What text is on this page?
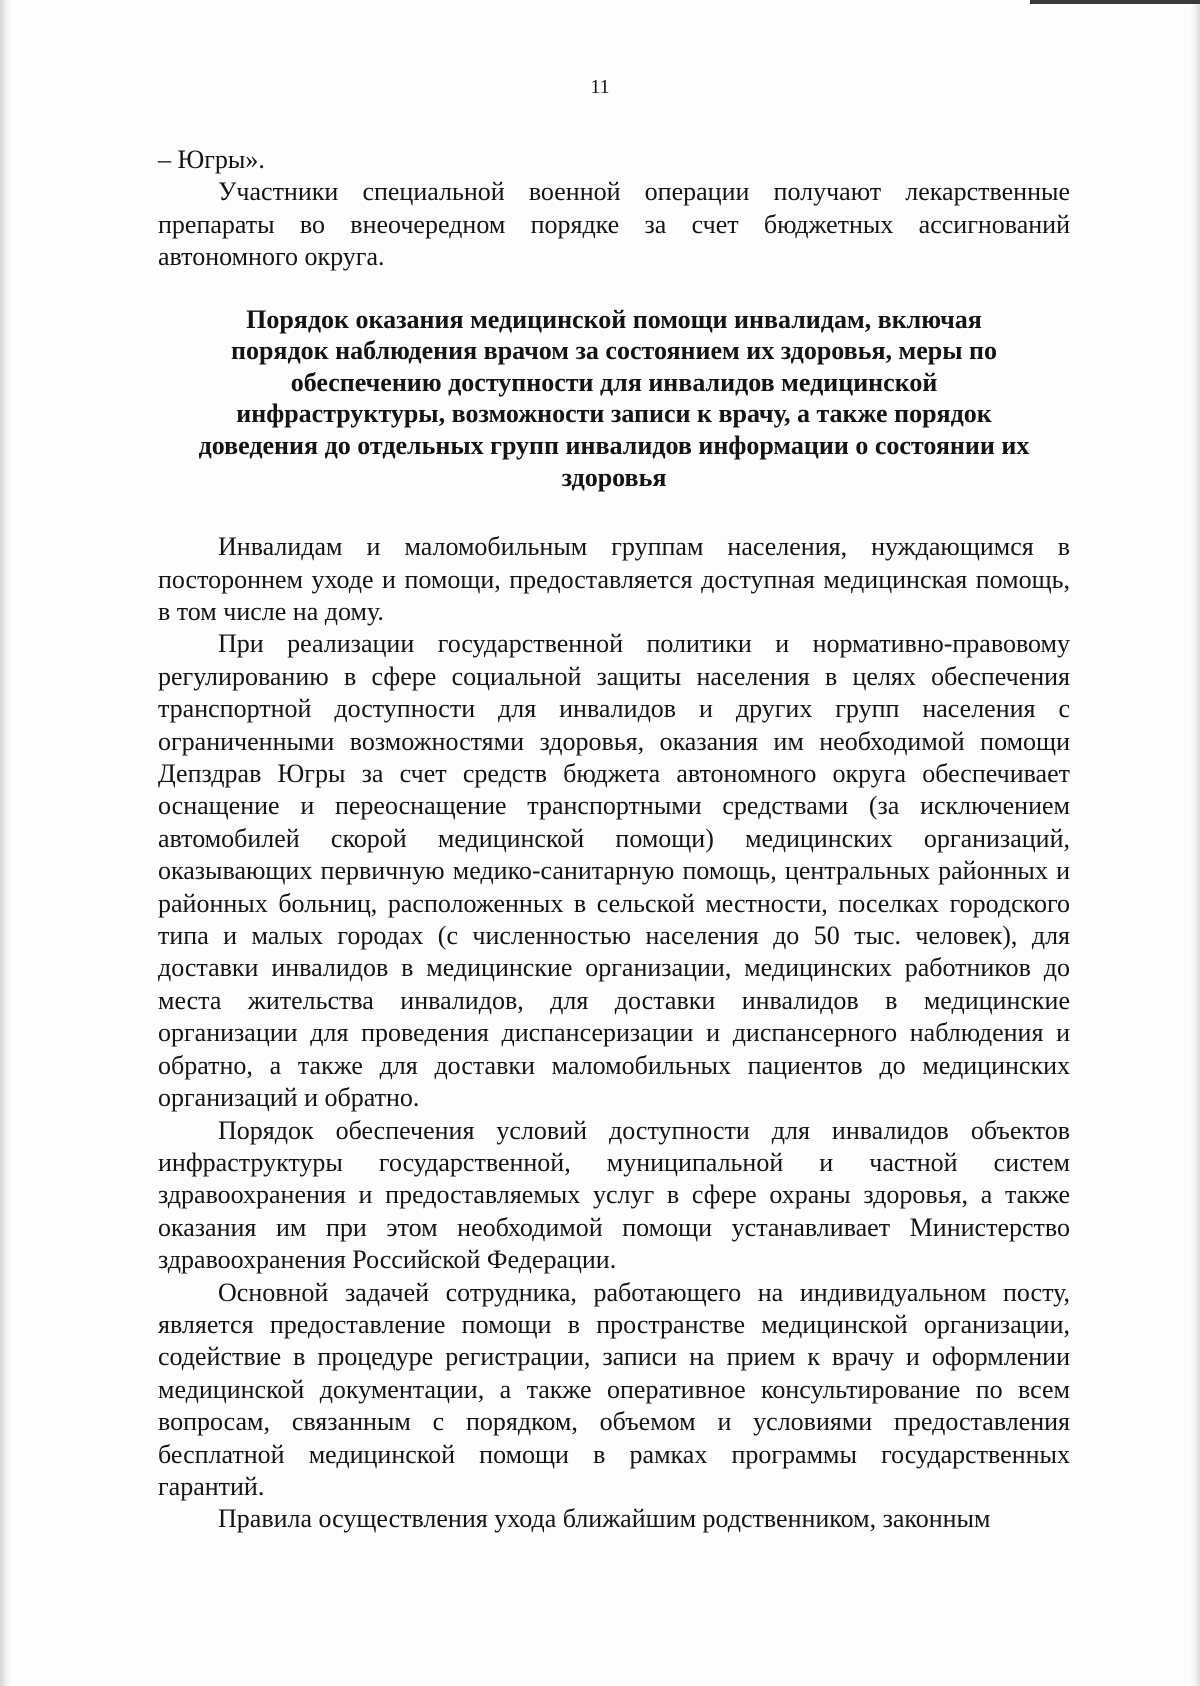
11

– Югры».

Участники специальной военной операции получают лекарственные препараты во внеочередном порядке за счет бюджетных ассигнований автономного округа.

Порядок оказания медицинской помощи инвалидам, включая
порядок наблюдения врачом за состоянием их здоровья, меры по
обеспечению доступности для инвалидов медицинской
инфраструктуры, возможности записи к врачу, а также порядок
доведения до отдельных групп инвалидов информации о состоянии их
здоровья

Инвалидам и маломобильным группам населения, нуждающимся в постороннем уходе и помощи, предоставляется доступная медицинская помощь, в том числе на дому.

При реализации государственной политики и нормативно-правовому регулированию в сфере социальной защиты населения в целях обеспечения транспортной доступности для инвалидов и других групп населения с ограниченными возможностями здоровья, оказания им необходимой помощи Депздрав Югры за счет средств бюджета автономного округа обеспечивает оснащение и переоснащение транспортными средствами (за исключением автомобилей скорой медицинской помощи) медицинских организаций, оказывающих первичную медико-санитарную помощь, центральных районных и районных больниц, расположенных в сельской местности, поселках городского типа и малых городах (с численностью населения до 50 тыс. человек), для доставки инвалидов в медицинские организации, медицинских работников до места жительства инвалидов, для доставки инвалидов в медицинские организации для проведения диспансеризации и диспансерного наблюдения и обратно, а также для доставки маломобильных пациентов до медицинских организаций и обратно.

Порядок обеспечения условий доступности для инвалидов объектов инфраструктуры государственной, муниципальной и частной систем здравоохранения и предоставляемых услуг в сфере охраны здоровья, а также оказания им при этом необходимой помощи устанавливает Министерство здравоохранения Российской Федерации.

Основной задачей сотрудника, работающего на индивидуальном посту, является предоставление помощи в пространстве медицинской организации, содействие в процедуре регистрации, записи на прием к врачу и оформлении медицинской документации, а также оперативное консультирование по всем вопросам, связанным с порядком, объемом и условиями предоставления бесплатной медицинской помощи в рамках программы государственных гарантий.

Правила осуществления ухода ближайшим родственником, законным
